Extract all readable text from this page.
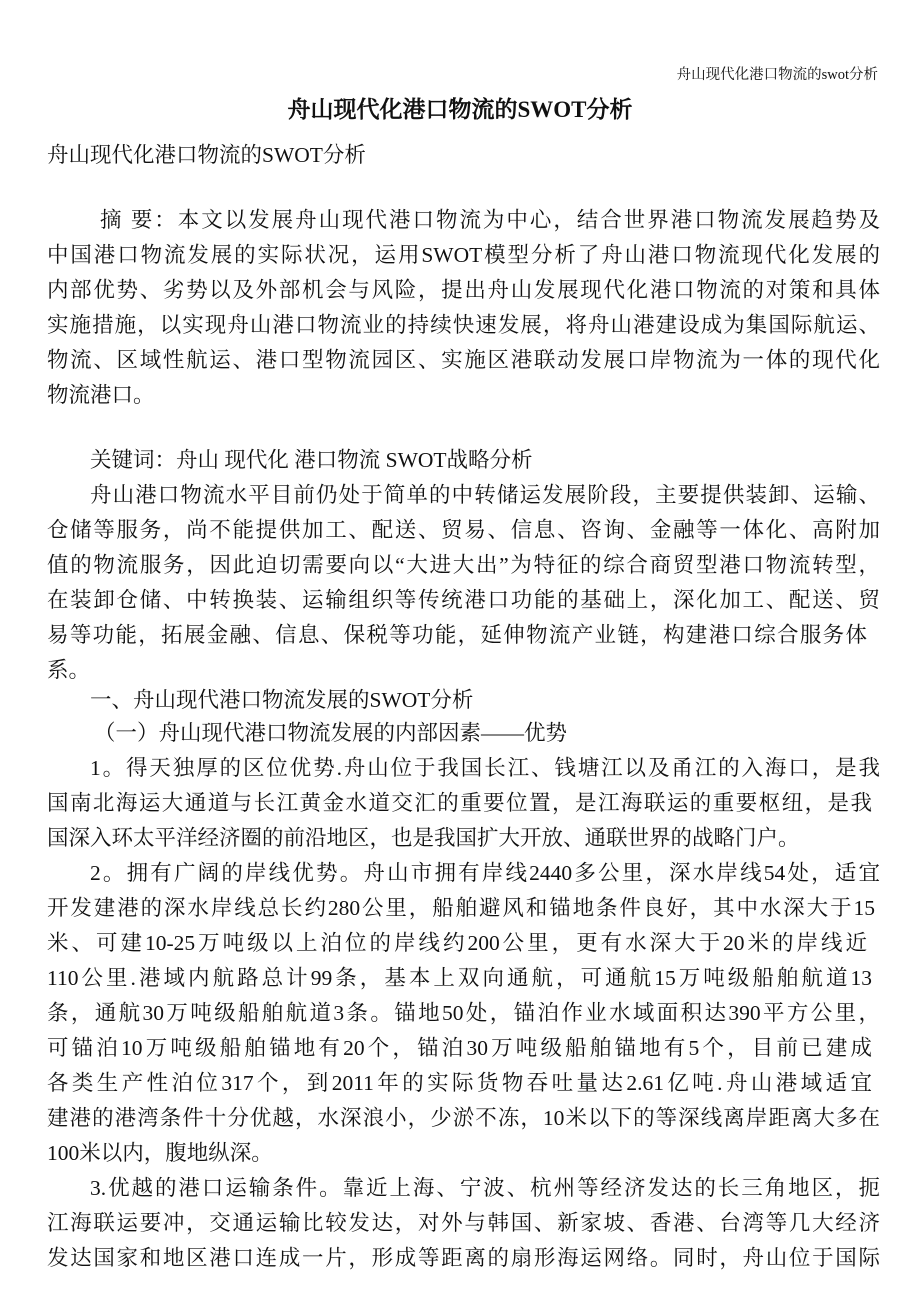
舟山现代化港口物流的swot分析
舟山现代化港口物流的SWOT分析
舟山现代化港口物流的SWOT分析
摘 要：本文以发展舟山现代港口物流为中心，结合世界港口物流发展趋势及
中国港口物流发展的实际状况，运用SWOT模型分析了舟山港口物流现代化发展的
内部优势、劣势以及外部机会与风险，提出舟山发展现代化港口物流的对策和具体
实施措施，以实现舟山港口物流业的持续快速发展，将舟山港建设成为集国际航运、
物流、区域性航运、港口型物流园区、实施区港联动发展口岸物流为一体的现代化
物流港口。
关键词：舟山 现代化 港口物流 SWOT战略分析
舟山港口物流水平目前仍处于简单的中转储运发展阶段，主要提供装卸、运输、
仓储等服务，尚不能提供加工、配送、贸易、信息、咨询、金融等一体化、高附加
值的物流服务，因此迫切需要向以“大进大出”为特征的综合商贸型港口物流转型，
在装卸仓储、中转换装、运输组织等传统港口功能的基础上，深化加工、配送、贸
易等功能，拓展金融、信息、保税等功能，延伸物流产业链，构建港口综合服务体
系。
一、舟山现代港口物流发展的SWOT分析
（一）舟山现代港口物流发展的内部因素——优势
1。得天独厚的区位优势.舟山位于我国长江、钱塘江以及甬江的入海口，是我
国南北海运大通道与长江黄金水道交汇的重要位置，是江海联运的重要枢纽，是我
国深入环太平洋经济圈的前沿地区，也是我国扩大开放、通联世界的战略门户。
2。拥有广阔的岸线优势。舟山市拥有岸线2440多公里，深水岸线54处，适宜
开发建港的深水岸线总长约280公里，船舶避风和锚地条件良好，其中水深大于15
米、可建10-25万吨级以上泊位的岸线约200公里，更有水深大于20米的岸线近
110公里.港域内航路总计99条，基本上双向通航，可通航15万吨级船舶航道13
条，通航30万吨级船舶航道3条。锚地50处，锚泊作业水域面积达390平方公里，
可锚泊10万吨级船舶锚地有20个，锚泊30万吨级船舶锚地有5个，目前已建成
各类生产性泊位317个，到2011年的实际货物吞吐量达2.61亿吨.舟山港域适宜
建港的港湾条件十分优越，水深浪小，少淤不冻，10米以下的等深线离岸距离大多在
100米以内，腹地纵深。
3.优越的港口运输条件。靠近上海、宁波、杭州等经济发达的长三角地区，扼
江海联运要冲，交通运输比较发达，对外与韩国、新家坡、香港、台湾等几大经济
发达国家和地区港口连成一片，形成等距离的扇形海运网络。同时，舟山位于国际
